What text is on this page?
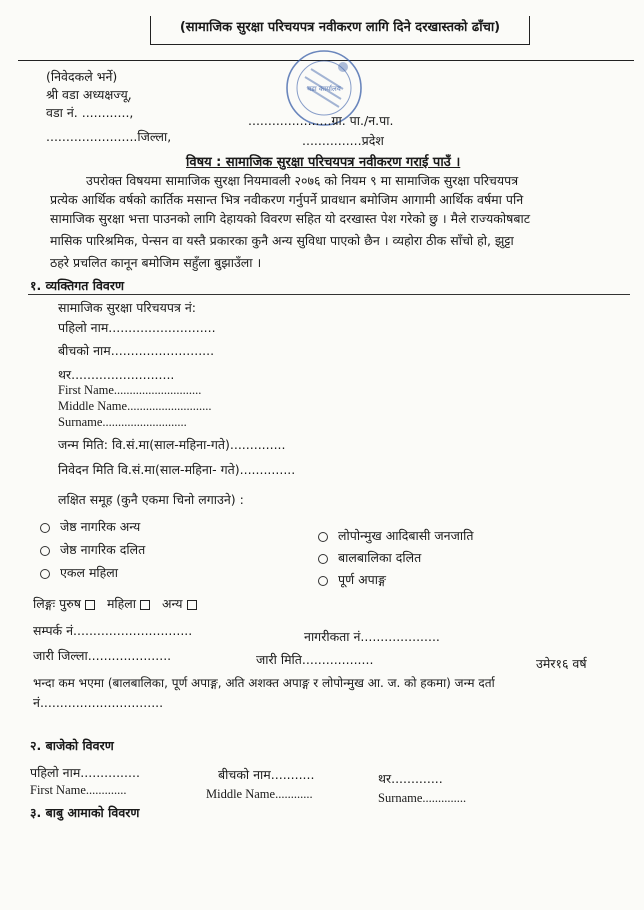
(सामाजिक सुरक्षा परिचयपत्र नवीकरण लागि दिने दरखास्तको ढाँचा)
वडा कार्यालय
(निवेदकले भर्ने)
श्री वडा अध्यक्षज्यू,
वडा नं. ............,
.....................ग्रा. पा./न.पा.
.......................जिल्ला,	...............प्रदेश
विषय : सामाजिक सुरक्षा परिचयपत्र नवीकरण गराई पाउँ ।
उपरोक्त विषयमा सामाजिक सुरक्षा नियमावली २०७६ को नियम ९ मा सामाजिक सुरक्षा परिचयपत्र
प्रत्येक आर्थिक वर्षको कार्तिक मसान्त भित्र नवीकरण गर्नुपर्ने प्रावधान बमोजिम आगामी आर्थिक वर्षमा पनि
सामाजिक सुरक्षा भत्ता पाउनको लागि देहायको विवरण सहित यो दरखास्त पेश गरेको छु । मैले राज्यकोषबाट
मासिक पारिश्रमिक, पेन्सन वा यस्तै प्रकारका कुनै अन्य सुविधा पाएको छैन । व्यहोरा ठीक साँचो हो, झुट्टा
ठहरे प्रचलित कानून बमोजिम सहुँला बुझाउँला ।
१. व्यक्तिगत विवरण
सामाजिक सुरक्षा परिचयपत्र नं:
पहिलो नाम...........................
बीचको नाम..........................
थर..........................
First Name............................
Middle Name...........................
Surname...........................
जन्म मिति: वि.सं.मा(साल-महिना-गते)..............
निवेदन मिति वि.सं.मा(साल-महिना- गते)..............
लक्षित समूह (कुनै एकमा चिनो लगाउने) :
जेष्ठ नागरिक अन्य
जेष्ठ नागरिक दलित
एकल महिला
लोपोन्मुख आदिबासी जनजाति
बालबालिका दलित
पूर्ण अपाङ्ग
लिङ्गः पुरुष महिला अन्य
सम्पर्क नं..............................	नागरीकता नं....................
जारी जिल्ला.....................	जारी मिति..................	उमेर१६ वर्ष
भन्दा कम भएमा (बालबालिका, पूर्ण अपाङ्ग, अति अशक्त अपाङ्ग र लोपोन्मुख आ. ज. को हकमा) जन्म दर्ता
नं...............................
२. बाजेको विवरण
पहिलो नाम...............	बीचको नाम...........	थर.............
First Name.............	Middle Name............	Surname..............
३. बाबु आमाको विवरण
